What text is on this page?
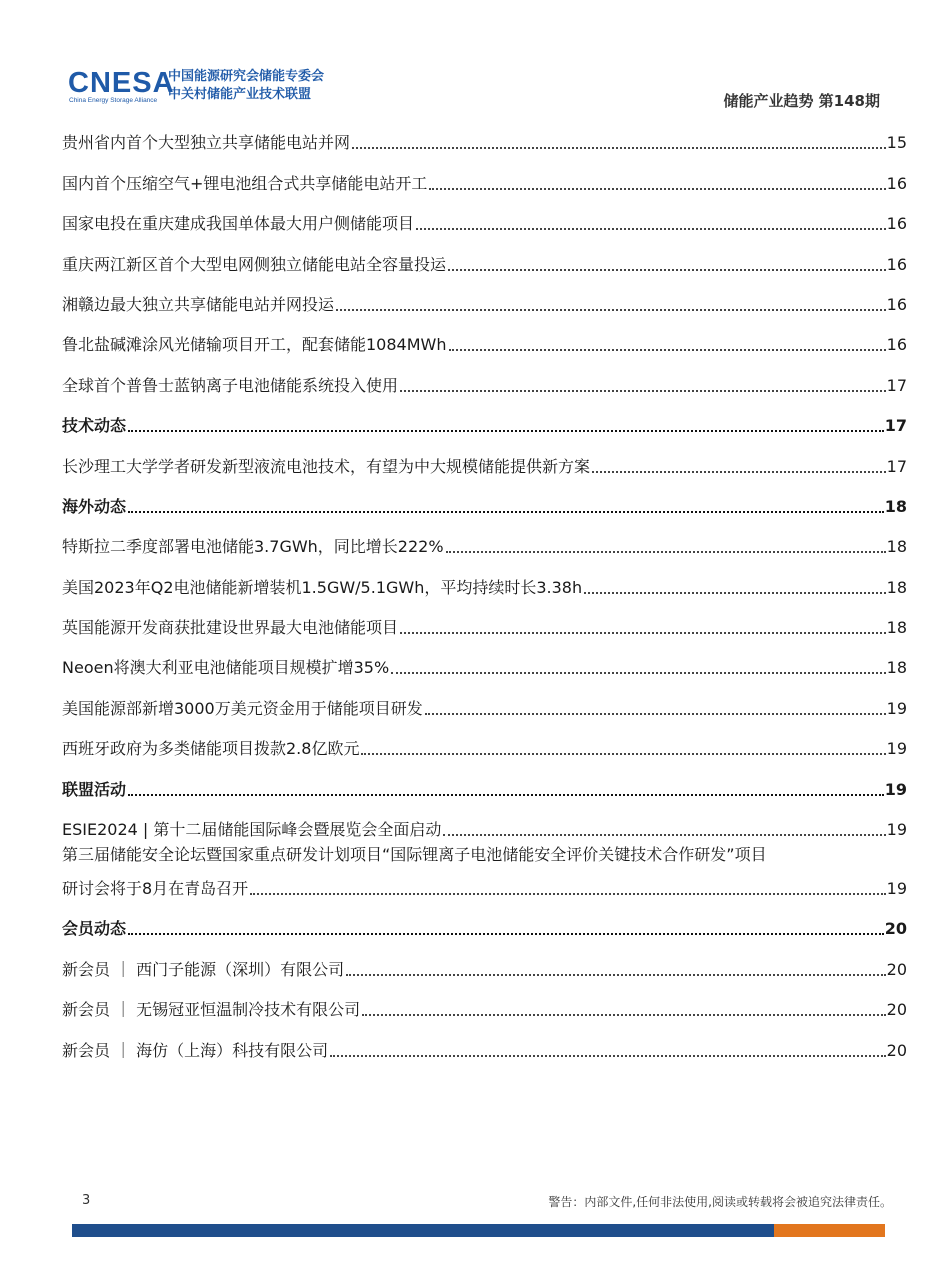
CNESA
China Energy Storage Alliance
中国能源研究会储能专委会
中关村储能产业技术联盟	储能产业趋势 第148期
贵州省内首个大型独立共享储能电站并网	15
国内首个压缩空气+锂电池组合式共享储能电站开工	16
国家电投在重庆建成我国单体最大用户侧储能项目	16
重庆两江新区首个大型电网侧独立储能电站全容量投运	16
湘赣边最大独立共享储能电站并网投运	16
鲁北盐碱滩涂风光储输项目开工，配套储能1084MWh	16
全球首个普鲁士蓝钠离子电池储能系统投入使用	17
技术动态	17
长沙理工大学学者研发新型液流电池技术，有望为中大规模储能提供新方案	17
海外动态	18
特斯拉二季度部署电池储能3.7GWh，同比增长222%	18
美国2023年Q2电池储能新增装机1.5GW/5.1GWh，平均持续时长3.38h	18
英国能源开发商获批建设世界最大电池储能项目	18
Neoen将澳大利亚电池储能项目规模扩增35%	18
美国能源部新增3000万美元资金用于储能项目研发	19
西班牙政府为多类储能项目拨款2.8亿欧元	19
联盟活动	19
ESIE2024 | 第十二届储能国际峰会暨展览会全面启动	19
第三届储能安全论坛暨国家重点研发计划项目“国际锂离子电池储能安全评价关键技术合作研发”项目
研讨会将于8月在青岛召开	19
会员动态	20
新会员 ｜ 西门子能源（深圳）有限公司	20
新会员 ｜ 无锡冠亚恒温制冷技术有限公司	20
新会员 ｜ 海仿（上海）科技有限公司	20
3	警告：内部文件,任何非法使用,阅读或转载将会被追究法律责任。
